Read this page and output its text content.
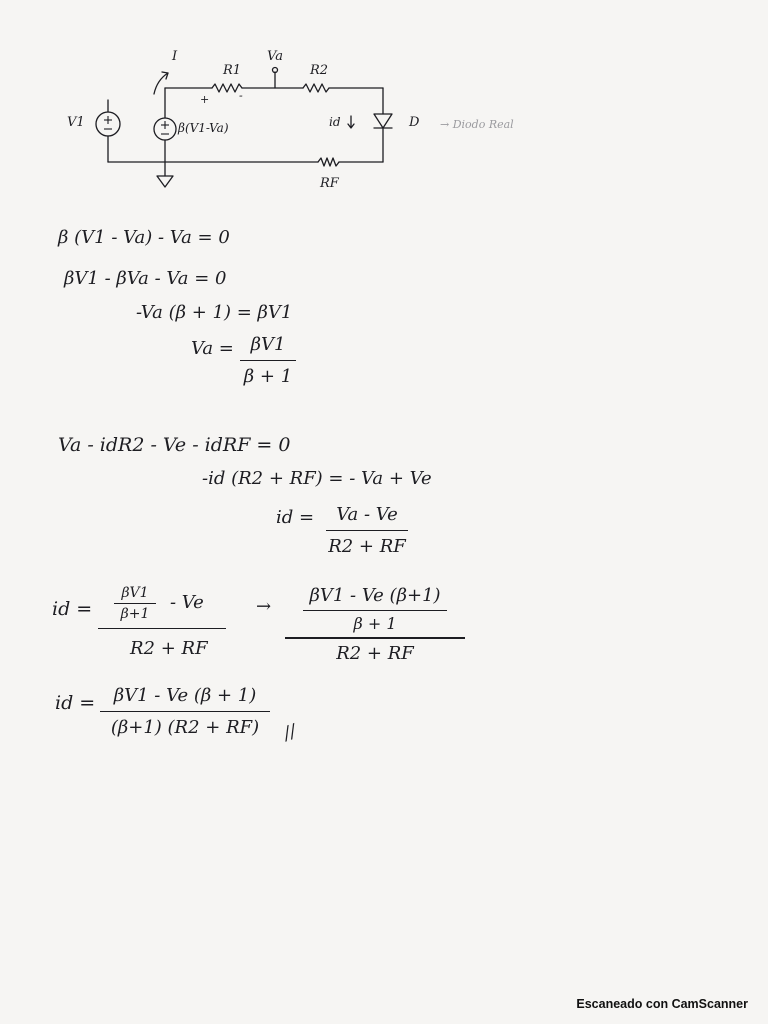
I
R1
Va
R2
V1	β(V1-Va)
+	-
id	D → Diodo Real
RF
β (V1 - Va) - Va = 0
βV1 - βVa - Va = 0
-Va (β + 1) = βV1
Va = βV1
β + 1
Va - idR2 - Ve - idRF = 0
-id (R2 + RF) = - Va + Ve
id = Va - Ve
R2 + RF
id =
βV1
β+1
- Ve
R2 + RF
→
βV1 - Ve (β+1)
β + 1
R2 + RF
id = βV1 - Ve (β + 1)
(β+1) (R2 + RF) //
Escaneado con CamScanner
